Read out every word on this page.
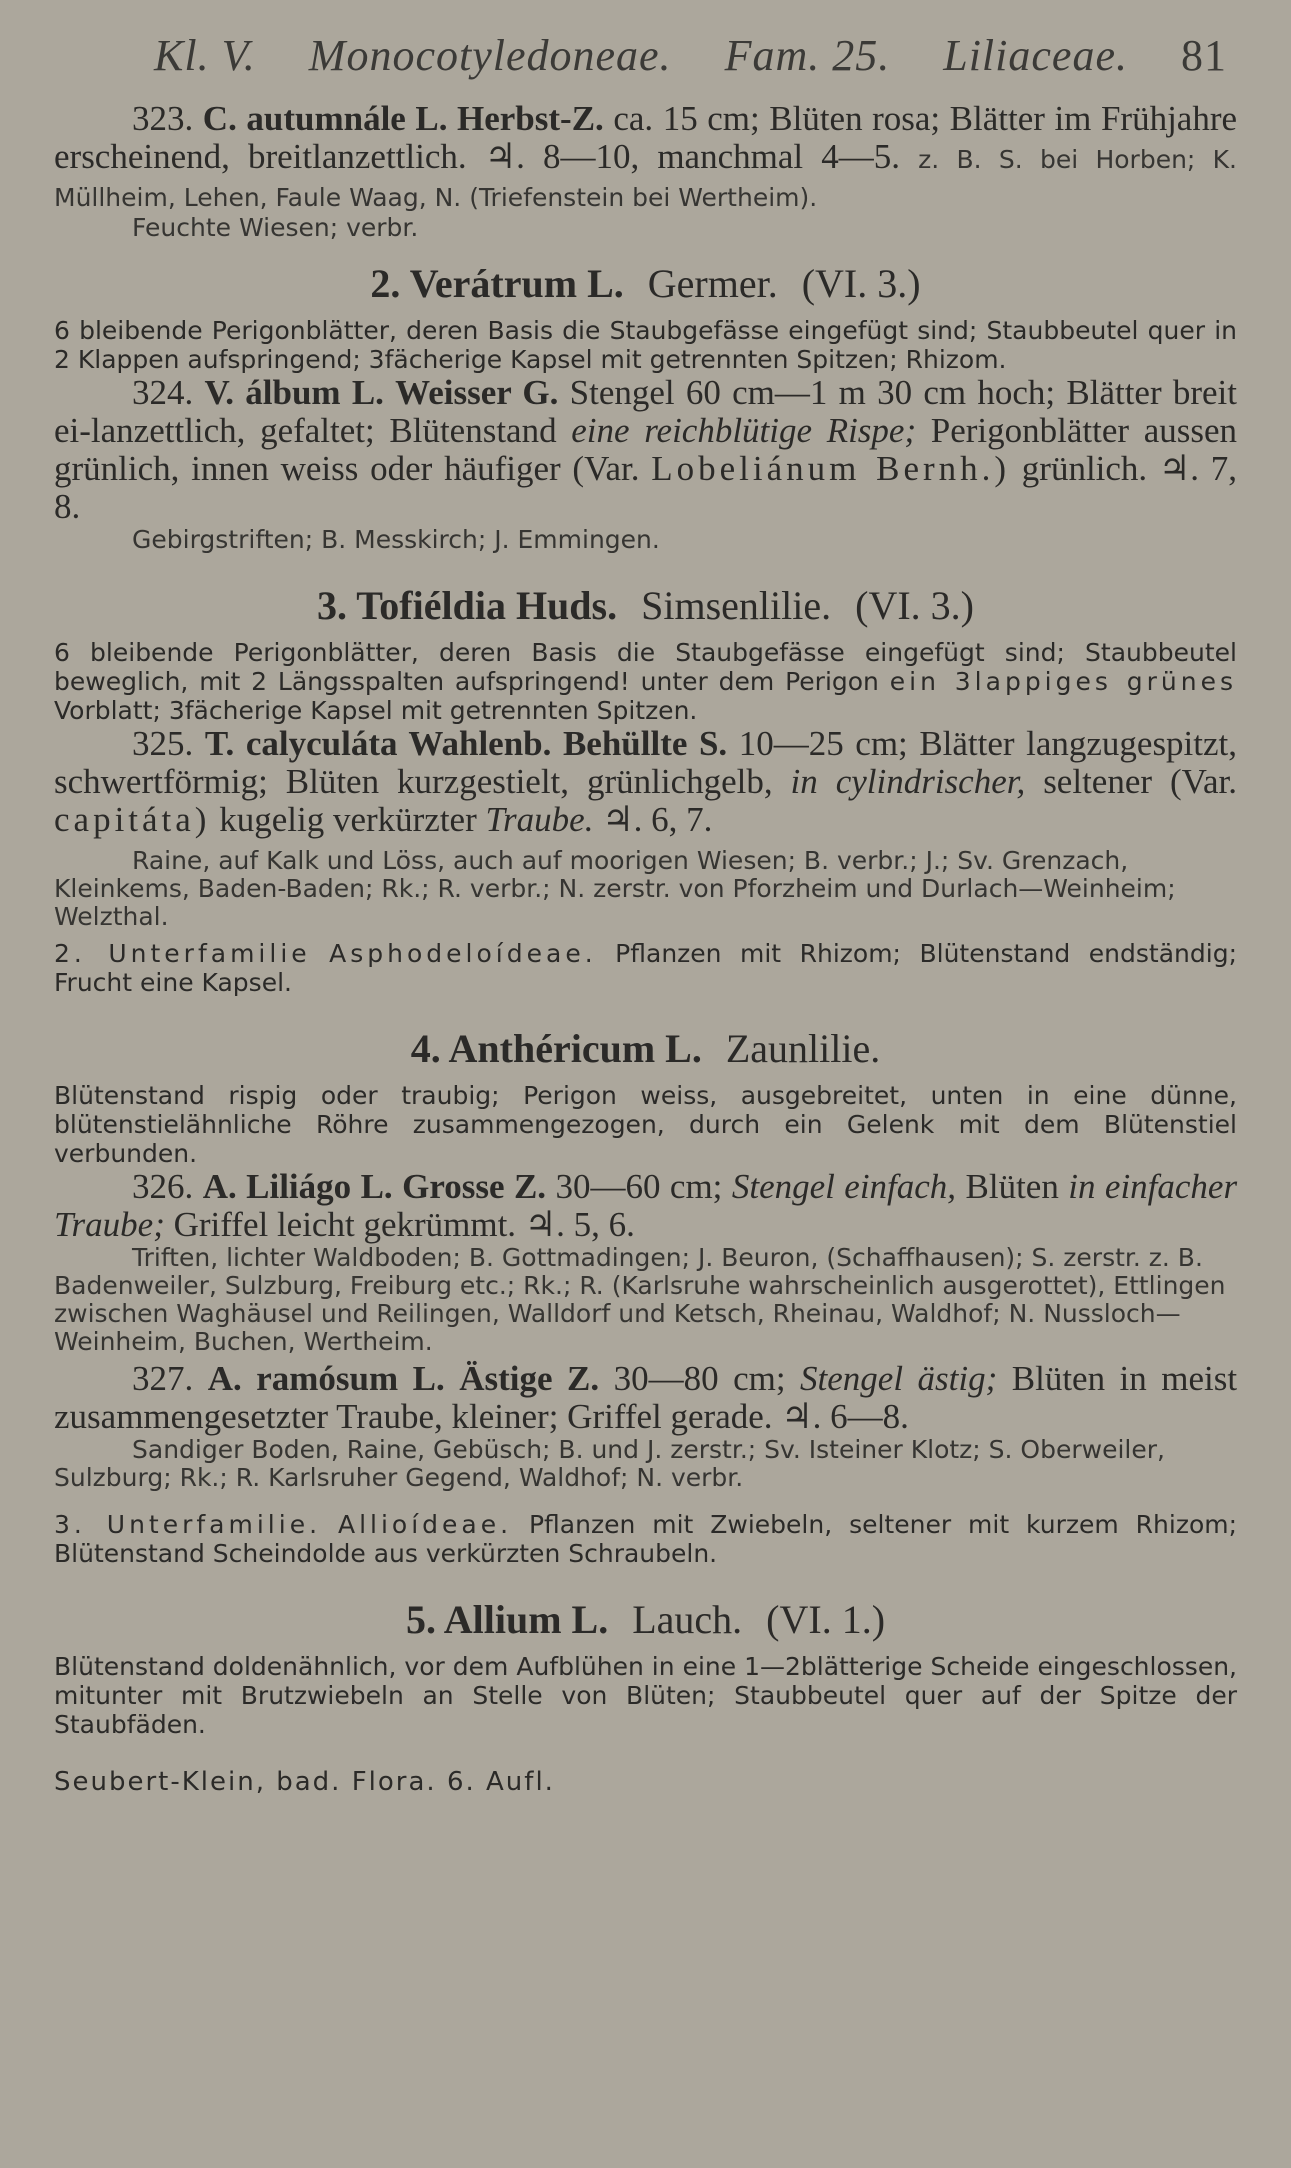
Kl. V. Monocotyledoneae. Fam. 25. Liliaceae. 81

323. C. autumnále L. Herbst-Z. ca. 15 cm; Blüten rosa; Blätter im Frühjahre erscheinend, breitlanzettlich. ♃. 8—10, manchmal 4—5. z. B. S. bei Horben; K. Müllheim, Lehen, Faule Waag, N. (Triefenstein bei Wertheim).

Feuchte Wiesen; verbr.

2. Verátrum L. Germer. (VI. 3.)

6 bleibende Perigonblätter, deren Basis die Staubgefässe eingefügt sind; Staubbeutel quer in 2 Klappen aufspringend; 3fächerige Kapsel mit getrennten Spitzen; Rhizom.

324. V. álbum L. Weisser G. Stengel 60 cm—1 m 30 cm hoch; Blätter breit ei-lanzettlich, gefaltet; Blütenstand eine reichblütige Rispe; Perigonblätter aussen grünlich, innen weiss oder häufiger (Var. Lobeliánum Bernh.) grünlich. ♃. 7, 8.

Gebirgstriften; B. Messkirch; J. Emmingen.

3. Tofiéldia Huds. Simsenlilie. (VI. 3.)

6 bleibende Perigonblätter, deren Basis die Staubgefässe eingefügt sind; Staubbeutel beweglich, mit 2 Längsspalten aufspringend! unter dem Perigon ein 3lappiges grünes Vorblatt; 3fächerige Kapsel mit getrennten Spitzen.

325. T. calyculáta Wahlenb. Behüllte S. 10—25 cm; Blätter langzugespitzt, schwertförmig; Blüten kurzgestielt, grünlichgelb, in cylindrischer, seltener (Var. capitáta) kugelig verkürzter Traube. ♃. 6, 7.

Raine, auf Kalk und Löss, auch auf moorigen Wiesen; B. verbr.; J.; Sv. Grenzach, Kleinkems, Baden-Baden; Rk.; R. verbr.; N. zerstr. von Pforzheim und Durlach—Weinheim; Welzthal.

2. Unterfamilie Asphodeloídeae. Pflanzen mit Rhizom; Blütenstand endständig; Frucht eine Kapsel.

4. Anthéricum L. Zaunlilie.

Blütenstand rispig oder traubig; Perigon weiss, ausgebreitet, unten in eine dünne, blütenstielähnliche Röhre zusammengezogen, durch ein Gelenk mit dem Blütenstiel verbunden.

326. A. Liliágo L. Grosse Z. 30—60 cm; Stengel einfach, Blüten in einfacher Traube; Griffel leicht gekrümmt. ♃. 5, 6.

Triften, lichter Waldboden; B. Gottmadingen; J. Beuron, (Schaffhausen); S. zerstr. z. B. Badenweiler, Sulzburg, Freiburg etc.; Rk.; R. (Karlsruhe wahrscheinlich ausgerottet), Ettlingen zwischen Waghäusel und Reilingen, Walldorf und Ketsch, Rheinau, Waldhof; N. Nussloch—Weinheim, Buchen, Wertheim.

327. A. ramósum L. Ästige Z. 30—80 cm; Stengel ästig; Blüten in meist zusammengesetzter Traube, kleiner; Griffel gerade. ♃. 6—8.

Sandiger Boden, Raine, Gebüsch; B. und J. zerstr.; Sv. Isteiner Klotz; S. Oberweiler, Sulzburg; Rk.; R. Karlsruher Gegend, Waldhof; N. verbr.

3. Unterfamilie. Allioídeae. Pflanzen mit Zwiebeln, seltener mit kurzem Rhizom; Blütenstand Scheindolde aus verkürzten Schraubeln.

5. Allium L. Lauch. (VI. 1.)

Blütenstand doldenähnlich, vor dem Aufblühen in eine 1—2blätterige Scheide eingeschlossen, mitunter mit Brutzwiebeln an Stelle von Blüten; Staubbeutel quer auf der Spitze der Staubfäden.

Seubert-Klein, bad. Flora. 6. Aufl.
